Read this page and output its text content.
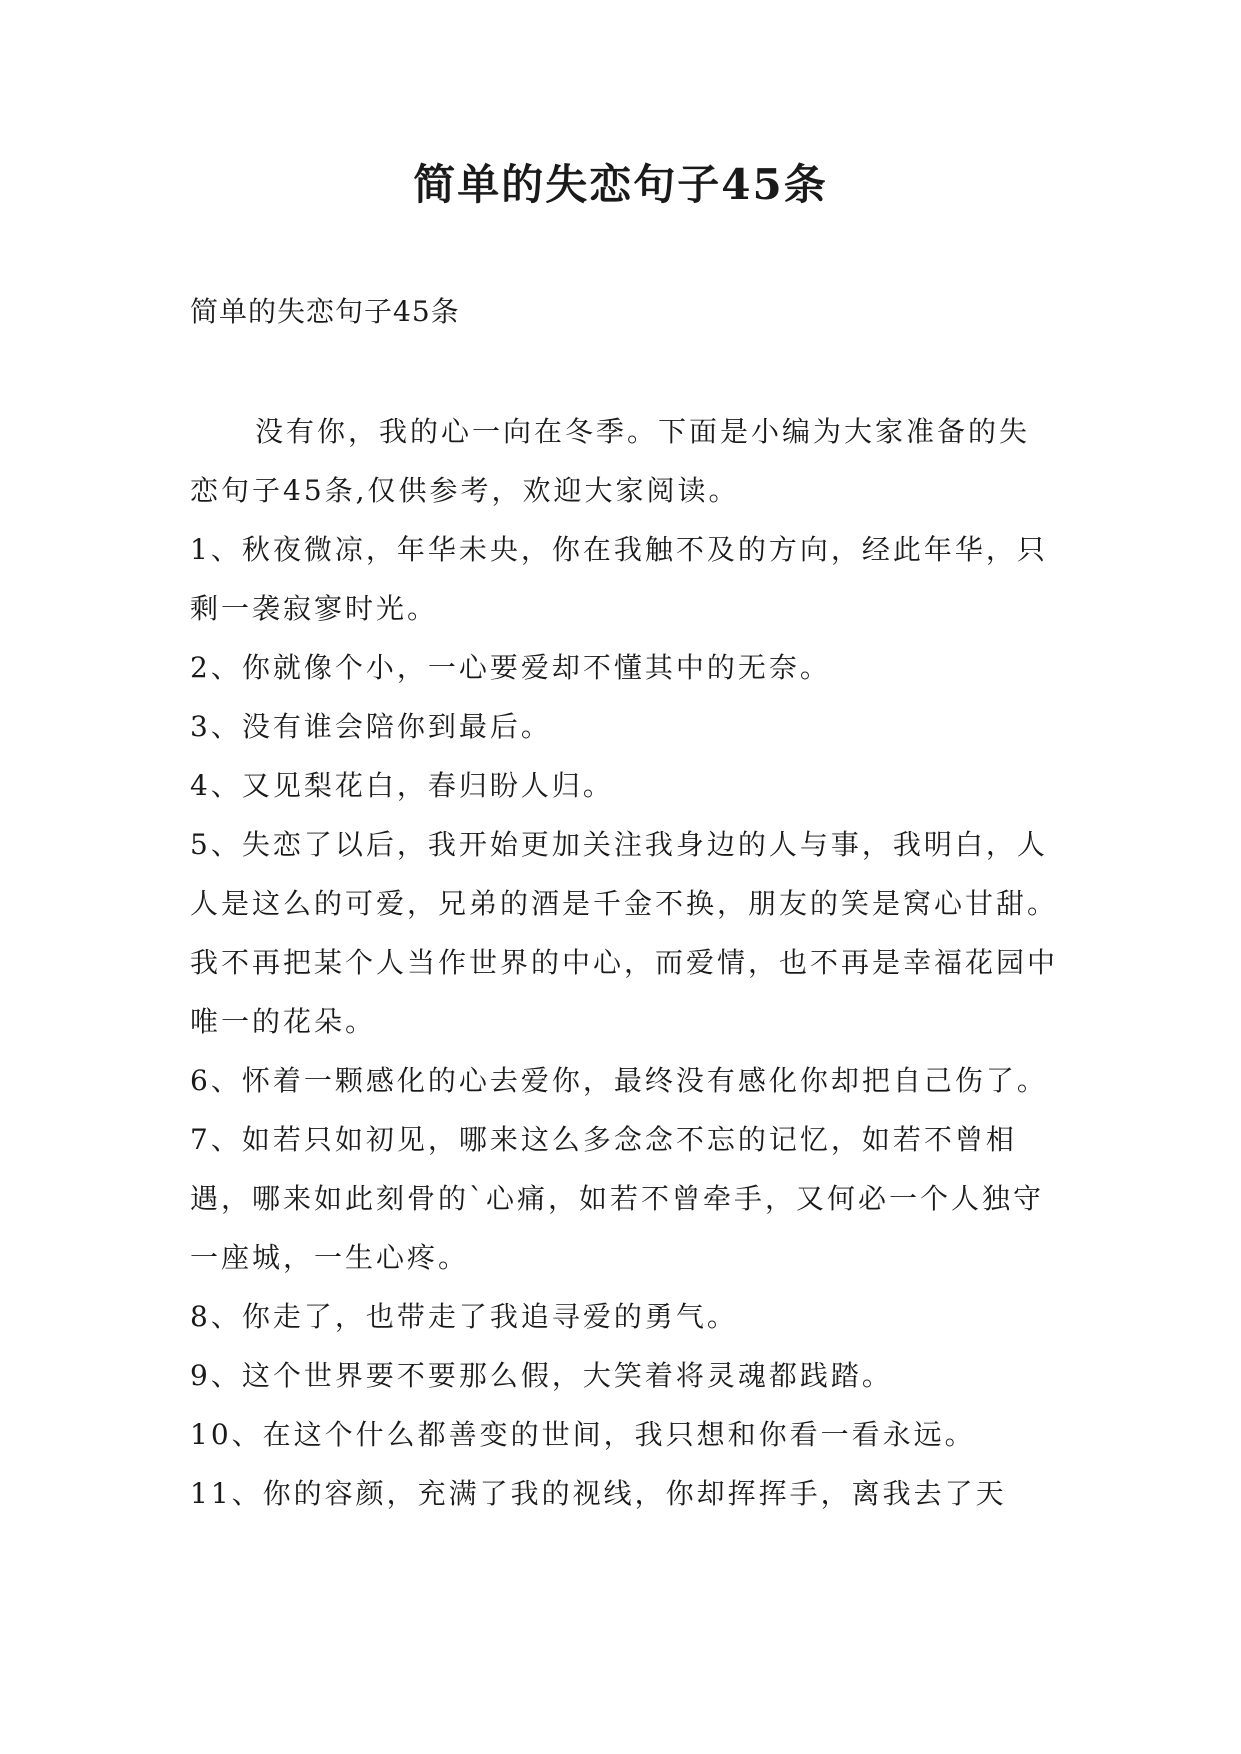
简单的失恋句子45条

简单的失恋句子45条

没有你，我的心一向在冬季。下面是小编为大家准备的失恋句子45条,仅供参考，欢迎大家阅读。

1、秋夜微凉，年华未央，你在我触不及的方向，经此年华，只剩一袭寂寥时光。

2、你就像个小，一心要爱却不懂其中的无奈。

3、没有谁会陪你到最后。

4、又见梨花白，春归盼人归。

5、失恋了以后，我开始更加关注我身边的人与事，我明白，人人是这么的可爱，兄弟的酒是千金不换，朋友的笑是窝心甘甜。我不再把某个人当作世界的中心，而爱情，也不再是幸福花园中唯一的花朵。

6、怀着一颗感化的心去爱你，最终没有感化你却把自己伤了。

7、如若只如初见，哪来这么多念念不忘的记忆，如若不曾相遇，哪来如此刻骨的`心痛，如若不曾牵手，又何必一个人独守一座城，一生心疼。

8、你走了，也带走了我追寻爱的勇气。

9、这个世界要不要那么假，大笑着将灵魂都践踏。

10、在这个什么都善变的世间，我只想和你看一看永远。

11、你的容颜，充满了我的视线，你却挥挥手，离我去了天
